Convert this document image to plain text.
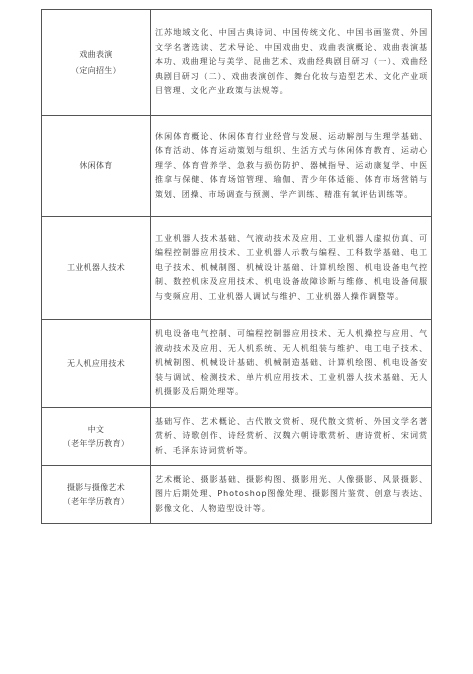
戏曲表演
（定向招生）	江苏地域文化、中国古典诗词、中国传统文化、中国书画鉴赏、外国文学名著选读、艺术导论、中国戏曲史、戏曲表演概论、戏曲表演基本功、戏曲理论与美学、昆曲艺术、戏曲经典剧目研习（一）、戏曲经典剧目研习（二）、戏曲表演创作、舞台化妆与造型艺术、文化产业项目管理、文化产业政策与法规等。

休闲体育	休闲体育概论、休闲体育行业经营与发展、运动解剖与生理学基础、体育活动、体育运动策划与组织、生活方式与休闲体育教育、运动心理学、体育营养学、急救与损伤防护、器械指导、运动康复学、中医推拿与保健、体育场馆管理、瑜伽、青少年体适能、体育市场营销与策划、团操、市场调查与预测、学产训练、精准有氧评估训练等。

工业机器人技术	工业机器人技术基础、气液动技术及应用、工业机器人虚拟仿真、可编程控制器应用技术、工业机器人示教与编程、工科数学基础、电工电子技术、机械制图、机械设计基础、计算机绘图、机电设备电气控制、数控机床及应用技术、机电设备故障诊断与维修、机电设备伺服与变频应用、工业机器人调试与维护、工业机器人操作调整等。

无人机应用技术	机电设备电气控制、可编程控制器应用技术、无人机操控与应用、气液动技术及应用、无人机系统、无人机组装与维护、电工电子技术、机械制图、机械设计基础、机械制造基础、计算机绘图、机电设备安装与调试、检测技术、单片机应用技术、工业机器人技术基础、无人机摄影及后期处理等。

中文
（老年学历教育）	基础写作、艺术概论、古代散文赏析、现代散文赏析、外国文学名著赏析、诗歌创作、诗经赏析、汉魏六朝诗歌赏析、唐诗赏析、宋词赏析、毛泽东诗词赏析等。

摄影与摄像艺术
（老年学历教育）	艺术概论、摄影基础、摄影构图、摄影用光、人像摄影、风景摄影、图片后期处理、Photoshop图像处理、摄影图片鉴赏、创意与表达、影像文化、人物造型设计等。
